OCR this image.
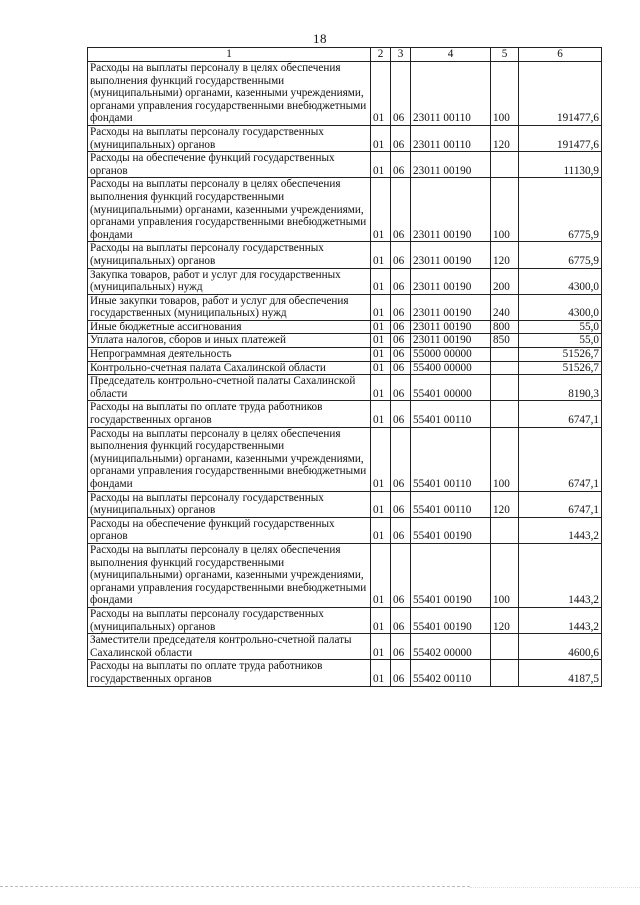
18
1	2	3	4	5	6
Расходы на выплаты персоналу в целях обеспечения выполнения функций государственными (муниципальными) органами, казенными учреждениями, органами управления государственными внебюджетными фондами	01	06	23011 00110	100	191477,6
Расходы на выплаты персоналу государственных (муниципальных) органов	01	06	23011 00110	120	191477,6
Расходы на обеспечение функций государственных органов	01	06	23011 00190		11130,9
Расходы на выплаты персоналу в целях обеспечения выполнения функций государственными (муниципальными) органами, казенными учреждениями, органами управления государственными внебюджетными фондами	01	06	23011 00190	100	6775,9
Расходы на выплаты персоналу государственных (муниципальных) органов	01	06	23011 00190	120	6775,9
Закупка товаров, работ и услуг для государственных (муниципальных) нужд	01	06	23011 00190	200	4300,0
Иные закупки товаров, работ и услуг для обеспечения государственных (муниципальных) нужд	01	06	23011 00190	240	4300,0
Иные бюджетные ассигнования	01	06	23011 00190	800	55,0
Уплата налогов, сборов и иных платежей	01	06	23011 00190	850	55,0
Непрограммная деятельность	01	06	55000 00000		51526,7
Контрольно-счетная палата Сахалинской области	01	06	55400 00000		51526,7
Председатель контрольно-счетной палаты Сахалинской области	01	06	55401 00000		8190,3
Расходы на выплаты по оплате труда работников государственных органов	01	06	55401 00110		6747,1
Расходы на выплаты персоналу в целях обеспечения выполнения функций государственными (муниципальными) органами, казенными учреждениями, органами управления государственными внебюджетными фондами	01	06	55401 00110	100	6747,1
Расходы на выплаты персоналу государственных (муниципальных) органов	01	06	55401 00110	120	6747,1
Расходы на обеспечение функций государственных органов	01	06	55401 00190		1443,2
Расходы на выплаты персоналу в целях обеспечения выполнения функций государственными (муниципальными) органами, казенными учреждениями, органами управления государственными внебюджетными фондами	01	06	55401 00190	100	1443,2
Расходы на выплаты персоналу государственных (муниципальных) органов	01	06	55401 00190	120	1443,2
Заместители председателя контрольно-счетной палаты Сахалинской области	01	06	55402 00000		4600,6
Расходы на выплаты по оплате труда работников государственных органов	01	06	55402 00110		4187,5
